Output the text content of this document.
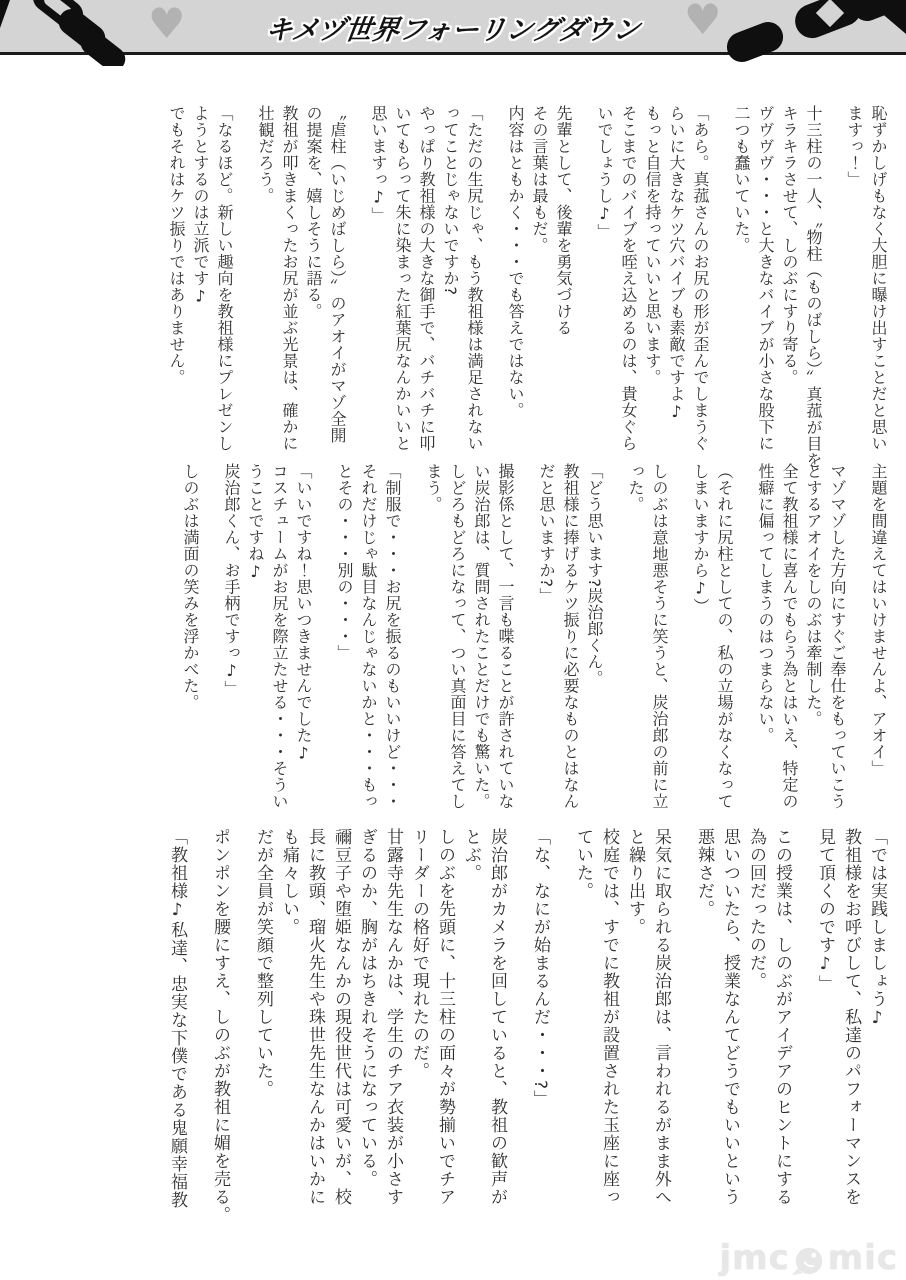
♥	キメヅ世界フォーリングダウン	♥
恥ずかしげもなく大胆に曝け出すことだと思い
ますっ！」
十三柱の一人、〝物柱（ものばしら）〟真菰が目を
キラキラさせて、しのぶにすり寄る。
ヴヴヴヴ・・・と大きなバイブが小さな股下に
二つも蠢いていた。
「あら。真菰さんのお尻の形が歪んでしまうぐ
らいに大きなケツ穴バイブも素敵ですよ♪
もっと自信を持っていいと思います。
そこまでのバイブを咥え込めるのは、貴女ぐら
いでしょうし♪」
先輩として、後輩を勇気づける
その言葉は最もだ。
内容はともかく・・・でも答えではない。
「ただの生尻じゃ、もう教祖様は満足されない
ってことじゃないですか?
やっぱり教祖様の大きな御手で、バチバチに叩
いてもらって朱に染まった紅葉尻なんかいいと
思いますっ♪」
〝虐柱（いじめばしら）〟のアオイがマゾ全開
の提案を、嬉しそうに語る。
教祖が叩きまくったお尻が並ぶ光景は、確かに
壮観だろう。
「なるほど。新しい趣向を教祖様にプレゼンし
ようとするのは立派です♪
でもそれはケツ振りではありません。
主題を間違えてはいけませんよ、アオイ」
マゾマゾした方向にすぐご奉仕をもっていこう
とするアオイをしのぶは牽制した。
全て教祖様に喜んでもらう為とはいえ、特定の
性癖に偏ってしまうのはつまらない。
（それに尻柱としての、私の立場がなくなって
しまいますから♪）
しのぶは意地悪そうに笑うと、炭治郎の前に立
った。
「どう思います?炭治郎くん。
教祖様に捧げるケツ振りに必要なものとはなん
だと思いますか?」
撮影係として、一言も喋ることが許されていな
い炭治郎は、質問されたことだけでも驚いた。
しどろもどろになって、つい真面目に答えてし
まう。
「制服で・・・お尻を振るのもいいけど・・・
それだけじゃ駄目なんじゃないかと・・・もっ
とその・・・別の・・・」
「いいですね！思いつきませんでした♪
コスチュームがお尻を際立たせる・・・そうい
うことですね♪
炭治郎くん、お手柄ですっ♪」
しのぶは満面の笑みを浮かべた。
「では実践しましょう♪
教祖様をお呼びして、私達のパフォーマンスを
見て頂くのです♪」
この授業は、しのぶがアイデアのヒントにする
為の回だったのだ。
思いついたら、授業なんてどうでもいいという
悪辣さだ。
呆気に取られる炭治郎は、言われるがまま外へ
と繰り出す。
校庭では、すでに教祖が設置された玉座に座っ
ていた。
「な、なにが始まるんだ・・・?」
炭治郎がカメラを回していると、教祖の歓声が
とぶ。
しのぶを先頭に、十三柱の面々が勢揃いでチア
リーダーの格好で現れたのだ。
甘露寺先生なんかは、学生のチア衣装が小さす
ぎるのか、胸がはちきれそうになっている。
禰豆子や堕姫なんかの現役世代は可愛いが、校
長に教頭、瑠火先生や珠世先生なんかはいかに
も痛々しい。
だが全員が笑顔で整列していた。
ポンポンを腰にすえ、しのぶが教祖に媚を売る。
「教祖様♪私達、忠実な下僕である鬼願幸福教
jmc mic
